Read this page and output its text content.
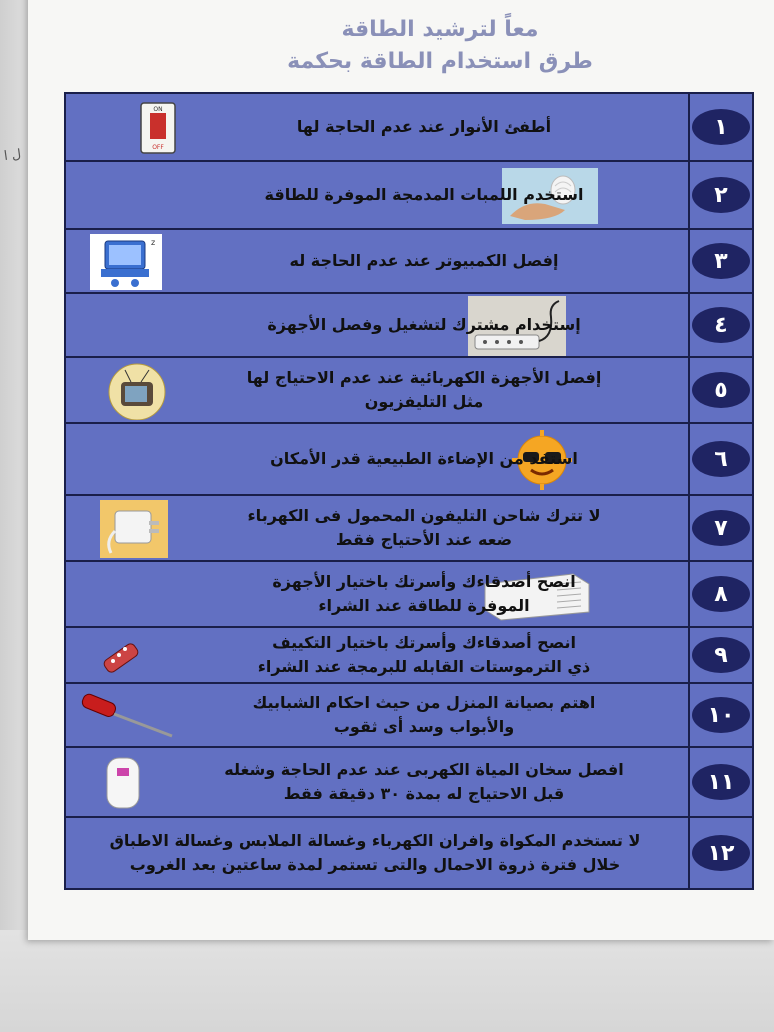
ل ا
معاً لترشيد الطاقة
طرق استخدام الطاقة بحكمة
ON
OFF
أطفئ الأنوار عند عدم الحاجة لها	١
استخدم اللمبات المدمجة الموفرة للطاقة	٢
z
إفصل الكمبيوتر عند عدم الحاجة له	٣
إستخدام مشترك لتشغيل وفصل الأجهزة	٤
إفصل الأجهزة الكهربائية عند عدم الاحتياج لها
مثل التليفزيون	٥
استفد من الإضاءة الطبيعية قدر الأمكان	٦
لا تترك شاحن التليفون المحمول فى الكهرباء
ضعه عند الأحتياج فقط	٧
انصح أصدقاءك وأسرتك باختيار الأجهزة
الموفرة للطاقة عند الشراء	٨
انصح أصدقاءك وأسرتك باختيار التكييف
ذي الترموستات القابله للبرمجة عند الشراء	٩
اهتم بصيانة المنزل من حيث احكام الشبابيك
والأبواب وسد أى ثقوب	١٠
افصل سخان المياة الكهربى عند عدم الحاجة وشغله
قبل الاحتياج له بمدة ٣٠ دقيقة فقط	١١
لا تستخدم المكواة وافران الكهرباء وغسالة الملابس وغسالة الاطباق
خلال فترة ذروة الاحمال والتى تستمر لمدة ساعتين بعد الغروب	١٢
